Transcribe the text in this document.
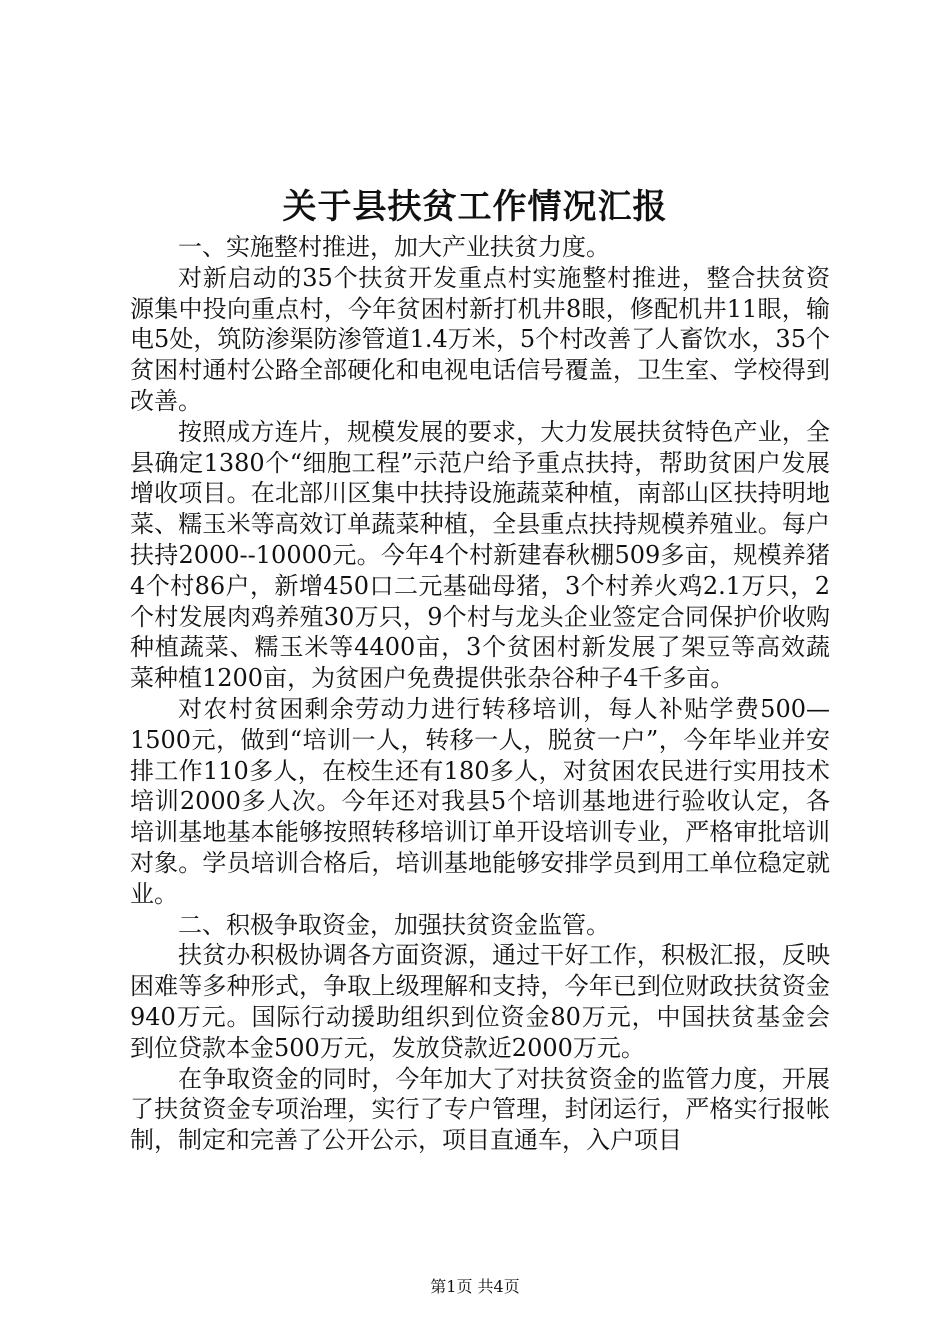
关于县扶贫工作情况汇报

一、实施整村推进，加大产业扶贫力度。

对新启动的35个扶贫开发重点村实施整村推进，整合扶贫资源集中投向重点村，今年贫困村新打机井8眼，修配机井11眼，输电5处，筑防渗渠防渗管道1.4万米，5个村改善了人畜饮水，35个贫困村通村公路全部硬化和电视电话信号覆盖，卫生室、学校得到改善。

按照成方连片，规模发展的要求，大力发展扶贫特色产业，全县确定1380个“细胞工程”示范户给予重点扶持，帮助贫困户发展增收项目。在北部川区集中扶持设施蔬菜种植，南部山区扶持明地菜、糯玉米等高效订单蔬菜种植，全县重点扶持规模养殖业。每户扶持2000--10000元。今年4个村新建春秋棚509多亩，规模养猪4个村86户，新增450口二元基础母猪，3个村养火鸡2.1万只，2个村发展肉鸡养殖30万只，9个村与龙头企业签定合同保护价收购种植蔬菜、糯玉米等4400亩，3个贫困村新发展了架豆等高效蔬菜种植1200亩，为贫困户免费提供张杂谷种子4千多亩。

对农村贫困剩余劳动力进行转移培训，每人补贴学费500—1500元，做到“培训一人，转移一人，脱贫一户”，今年毕业并安排工作110多人，在校生还有180多人，对贫困农民进行实用技术培训2000多人次。今年还对我县5个培训基地进行验收认定，各培训基地基本能够按照转移培训订单开设培训专业，严格审批培训对象。学员培训合格后，培训基地能够安排学员到用工单位稳定就业。

二、积极争取资金，加强扶贫资金监管。

扶贫办积极协调各方面资源，通过干好工作，积极汇报，反映困难等多种形式，争取上级理解和支持，今年已到位财政扶贫资金940万元。国际行动援助组织到位资金80万元，中国扶贫基金会到位贷款本金500万元，发放贷款近2000万元。

在争取资金的同时，今年加大了对扶贫资金的监管力度，开展了扶贫资金专项治理，实行了专户管理，封闭运行，严格实行报帐制，制定和完善了公开公示，项目直通车，入户项目

第1页 共4页
